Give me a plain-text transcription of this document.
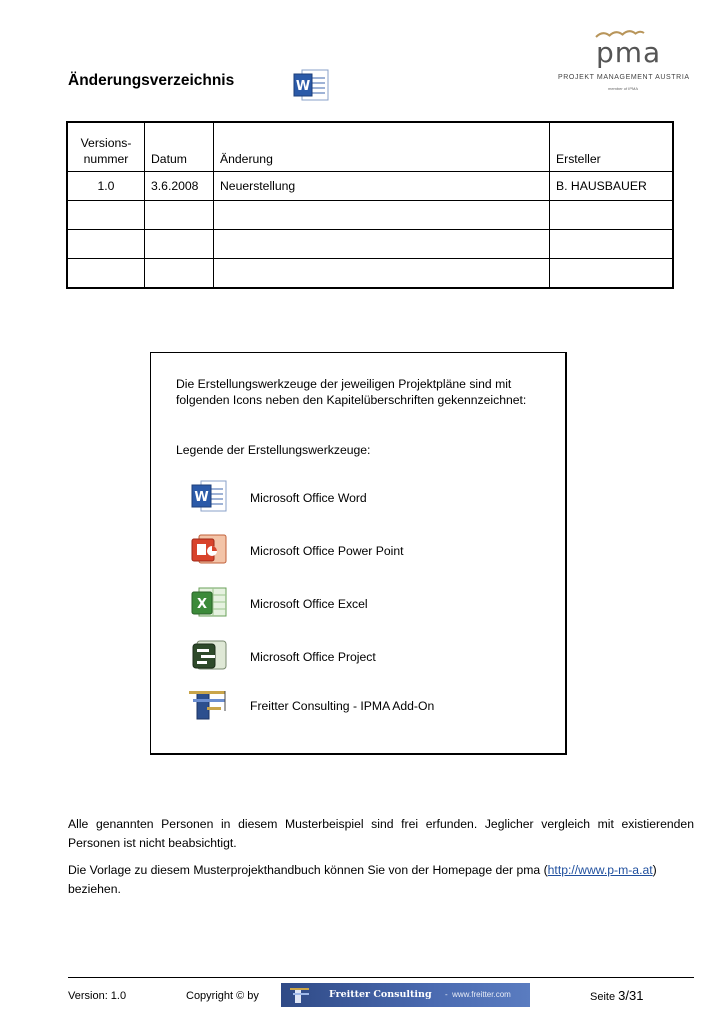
pma
PROJEKT MANAGEMENT AUSTRIA
member of IPMA
Änderungsverzeichnis	W
Versions-
nummer	Datum	Änderung	Ersteller
1.0	3.6.2008	Neuerstellung	B. HAUSBAUER

Die Erstellungswerkzeuge der jeweiligen Projektpläne sind mit folgenden Icons neben den Kapitelüberschriften gekennzeichnet:
Legende der Erstellungswerkzeuge:
W	Microsoft Office Word
Microsoft Office Power Point
X	Microsoft Office Excel
Microsoft Office Project
Freitter Consulting - IPMA Add-On
Alle genannten Personen in diesem Musterbeispiel sind frei erfunden. Jeglicher vergleich mit existierenden Personen ist nicht beabsichtigt.
Die Vorlage zu diesem Musterprojekthandbuch können Sie von der Homepage der pma (http://www.p-m-a.at) beziehen.
Version: 1.0	Copyright © by	Freitter Consulting - www.freitter.com	Seite 3/31
